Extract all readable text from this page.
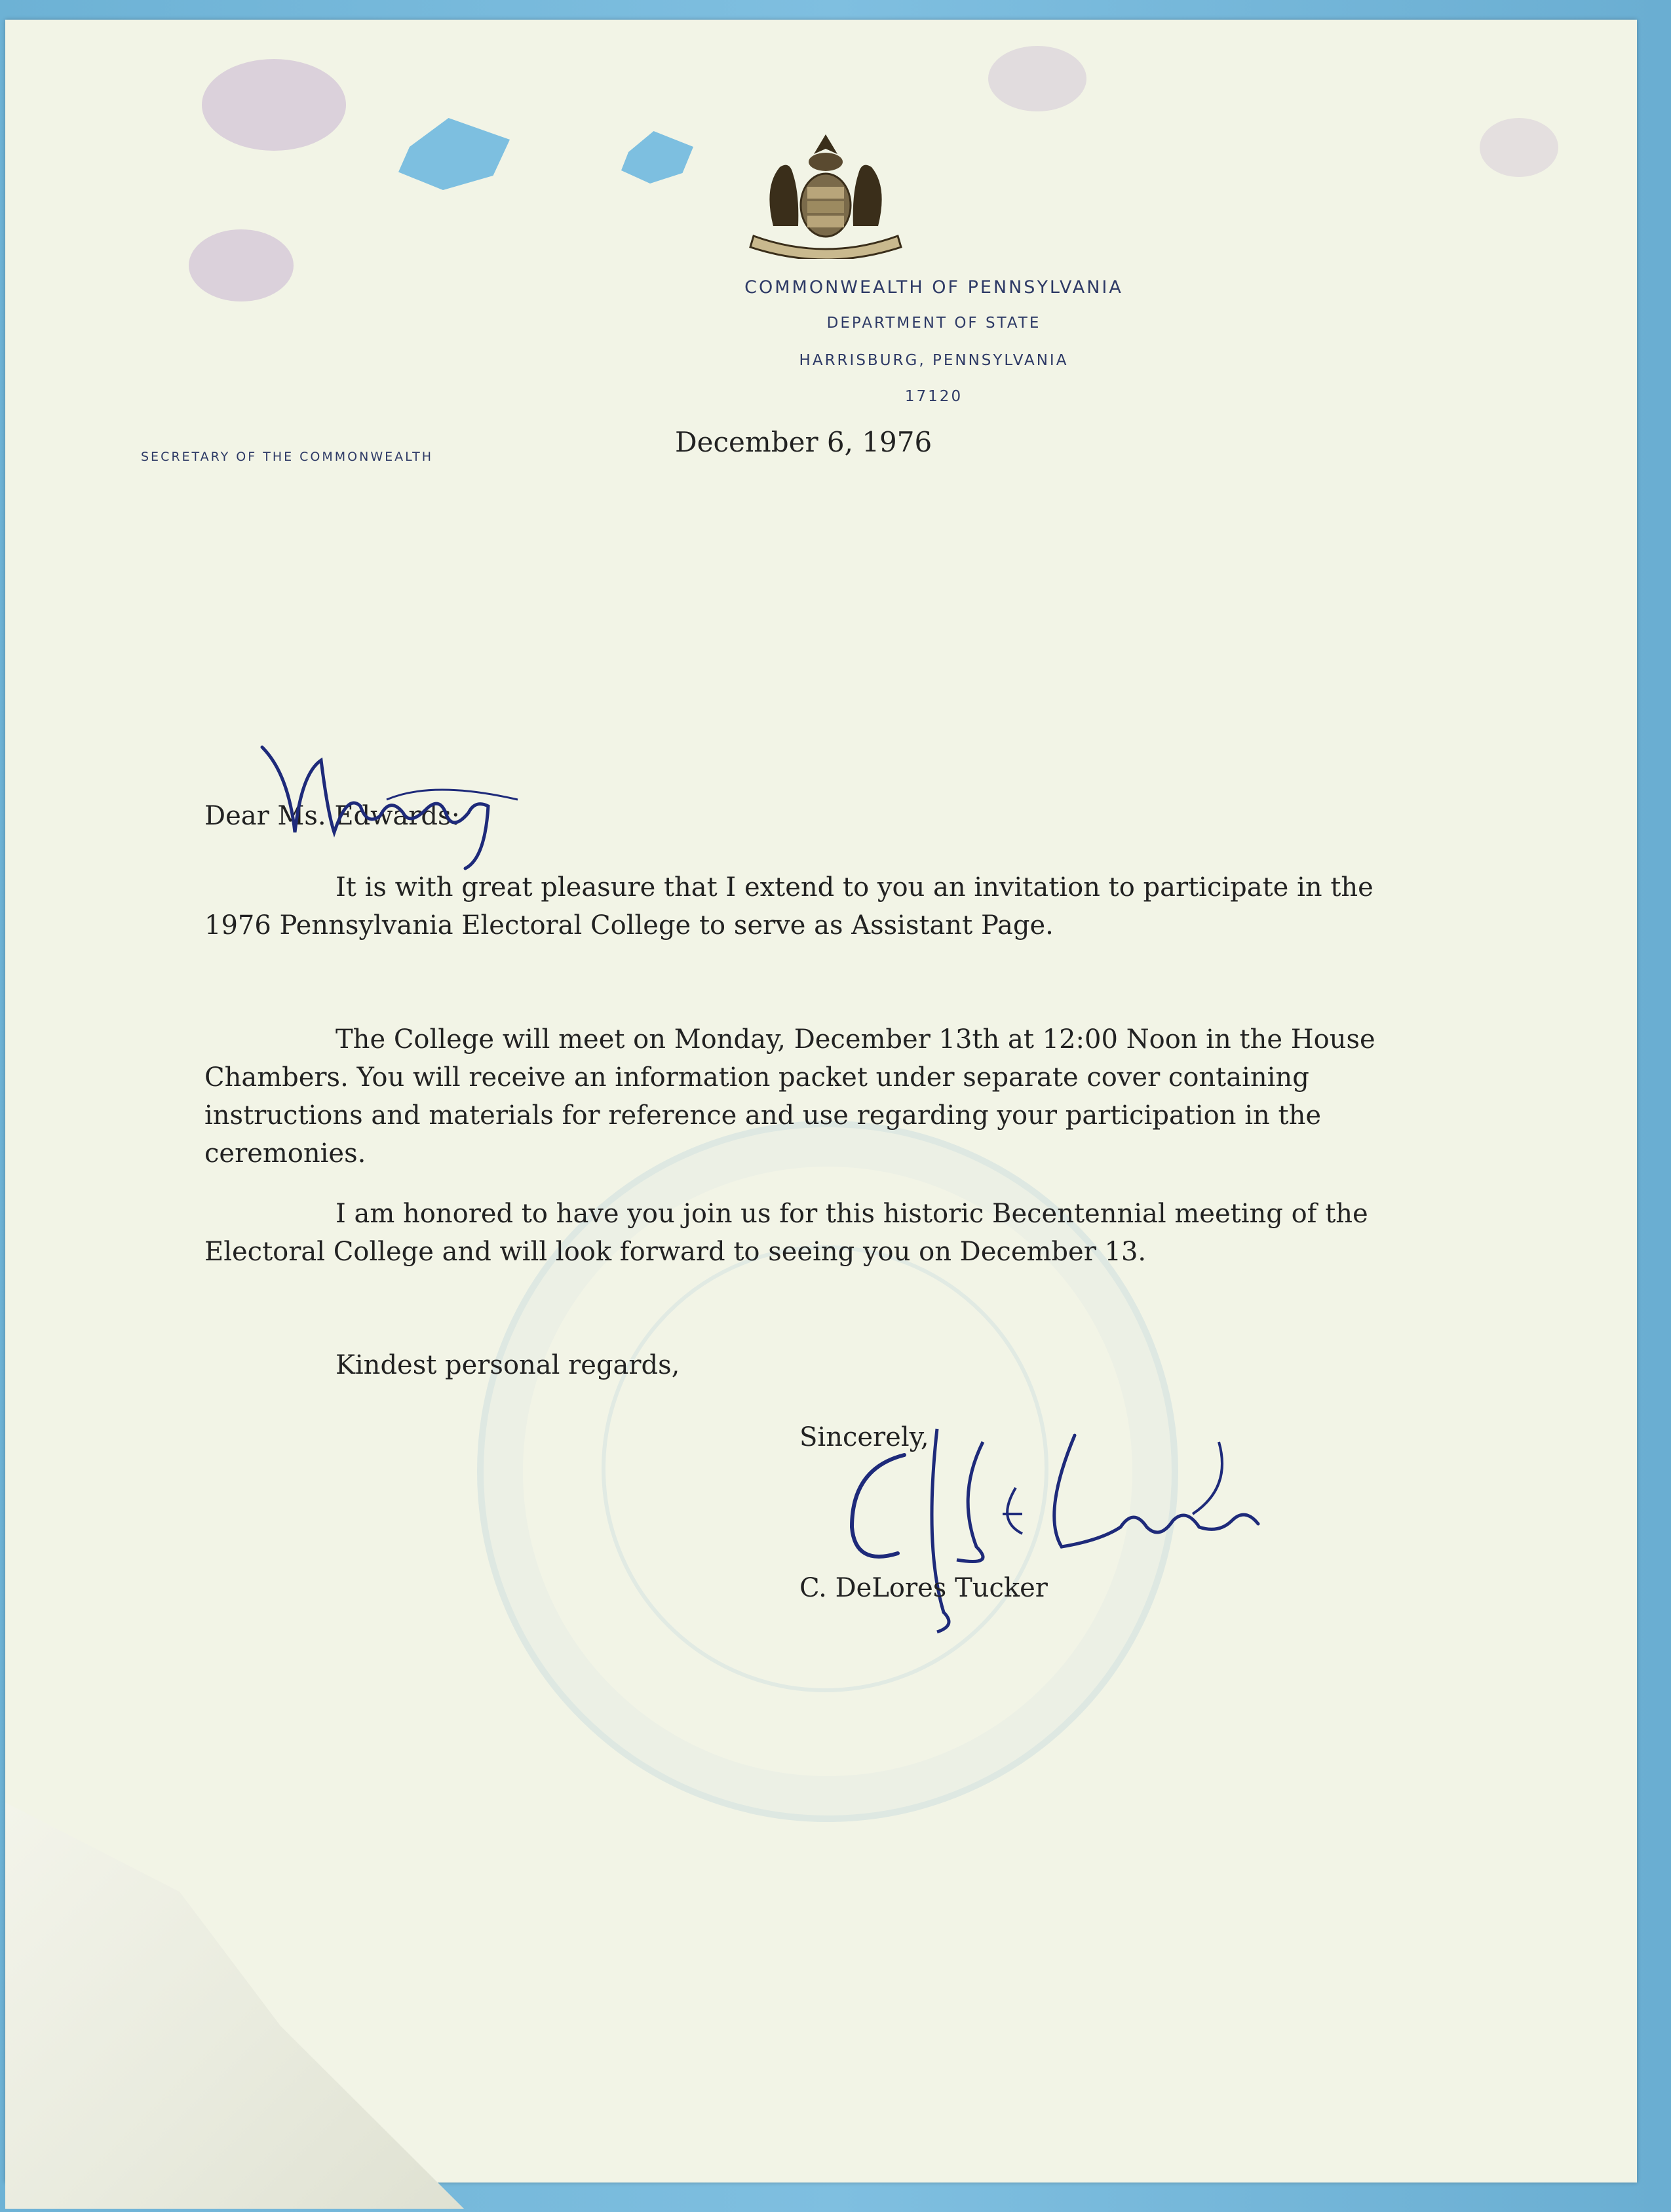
COMMONWEALTH OF PENNSYLVANIA
DEPARTMENT OF STATE
HARRISBURG, PENNSYLVANIA
17120
SECRETARY OF THE COMMONWEALTH	December 6, 1976
Dear Ms. Edwards:
It is with great pleasure that I extend to you an invitation to participate in the 1976 Pennsylvania Electoral College to serve as Assistant Page.
The College will meet on Monday, December 13th at 12:00 Noon in the House Chambers. You will receive an information packet under separate cover containing instructions and materials for reference and use regarding your participation in the ceremonies.
I am honored to have you join us for this historic Becentennial meeting of the Electoral College and will look forward to seeing you on December 13.
Kindest personal regards,
Sincerely,
C. DeLores Tucker
